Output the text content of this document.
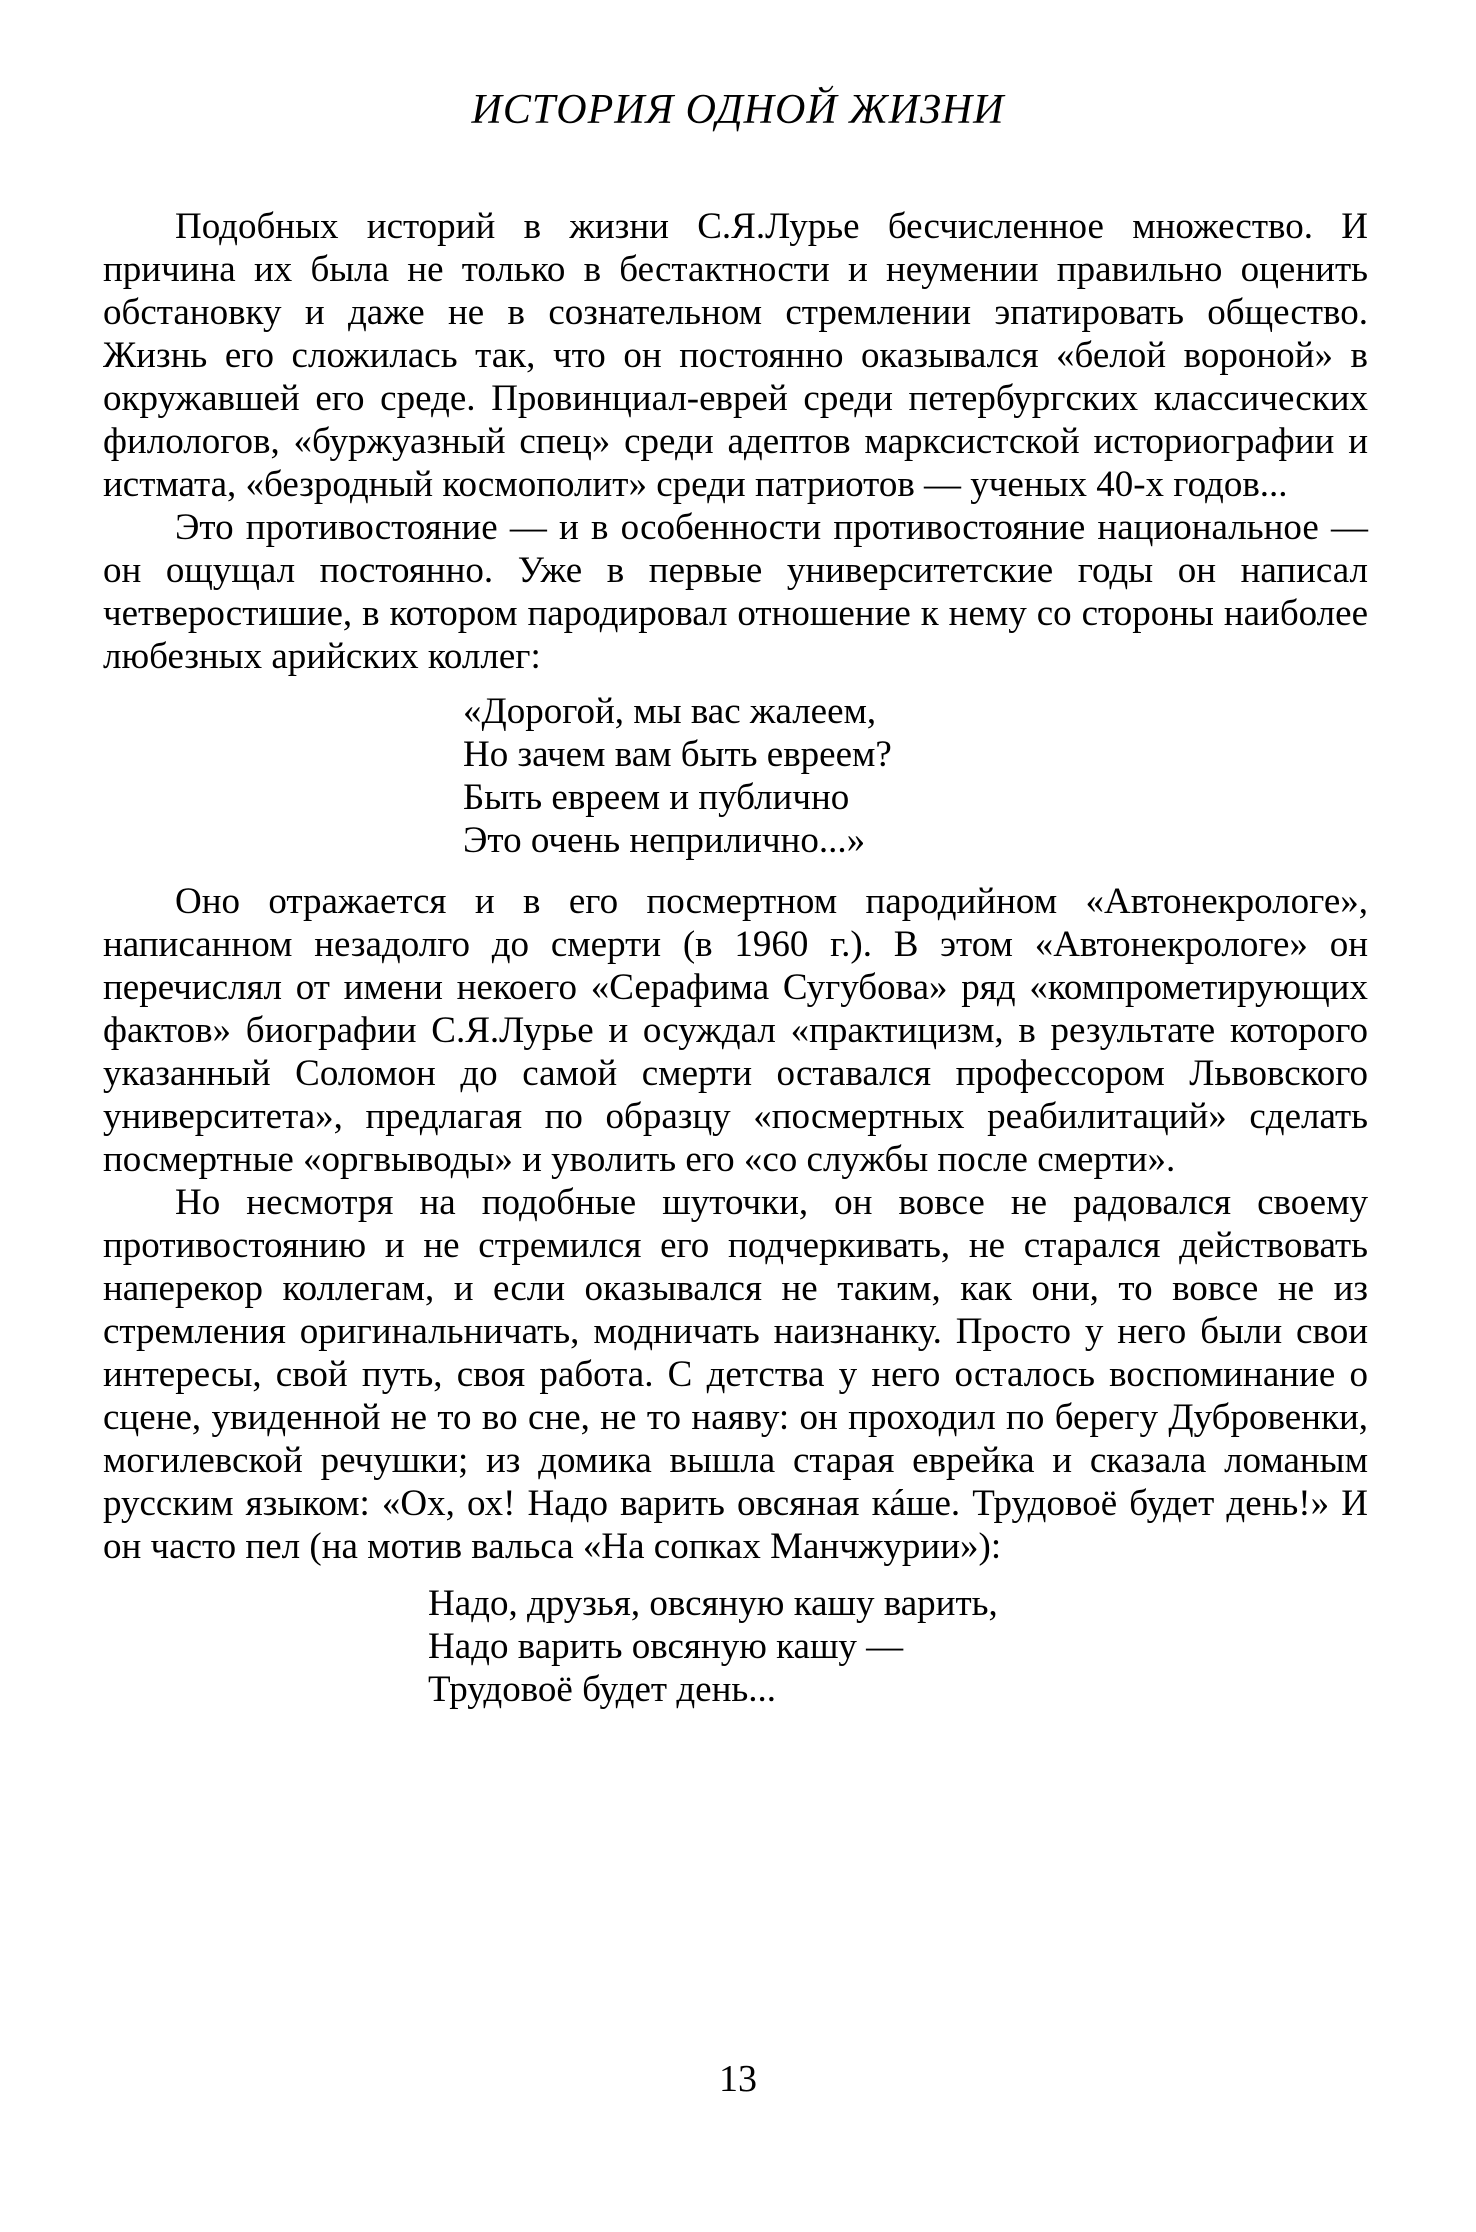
ИСТОРИЯ ОДНОЙ ЖИЗНИ

Подобных историй в жизни С.Я.Лурье бесчисленное множество. И причина их была не только в бестактности и неумении правильно оценить обстановку и даже не в сознательном стремлении эпатировать общество. Жизнь его сложилась так, что он постоянно оказывался «белой вороной» в окружавшей его среде. Провинциал-еврей среди петербургских классических филологов, «буржуазный спец» среди адептов марксистской историографии и истмата, «безродный космополит» среди патриотов — ученых 40-х годов...

Это противостояние — и в особенности противостояние национальное — он ощущал постоянно. Уже в первые университетские годы он написал четверостишие, в котором пародировал отношение к нему со стороны наиболее любезных арийских коллег:

«Дорогой, мы вас жалеем,
Но зачем вам быть евреем?
Быть евреем и публично
Это очень неприлично...»

Оно отражается и в его посмертном пародийном «Автонекрологе», написанном незадолго до смерти (в 1960 г.). В этом «Автонекрологе» он перечислял от имени некоего «Серафима Сугубова» ряд «компрометирующих фактов» биографии С.Я.Лурье и осуждал «практицизм, в результате которого указанный Соломон до самой смерти оставался профессором Львовского университета», предлагая по образцу «посмертных реабилитаций» сделать посмертные «оргвыводы» и уволить его «со службы после смерти».

Но несмотря на подобные шуточки, он вовсе не радовался своему противостоянию и не стремился его подчеркивать, не старался действовать наперекор коллегам, и если оказывался не таким, как они, то вовсе не из стремления оригинальничать, модничать наизнанку. Просто у него были свои интересы, свой путь, своя работа. С детства у него осталось воспоминание о сцене, увиденной не то во сне, не то наяву: он проходил по берегу Дубровенки, могилевской речушки; из домика вышла старая еврейка и сказала ломаным русским языком: «Ох, ох! Надо варить овсяная кáше. Трудовоё будет день!» И он часто пел (на мотив вальса «На сопках Манчжурии»):

Надо, друзья, овсяную кашу варить,
Надо варить овсяную кашу —
Трудовоё будет день...
13
